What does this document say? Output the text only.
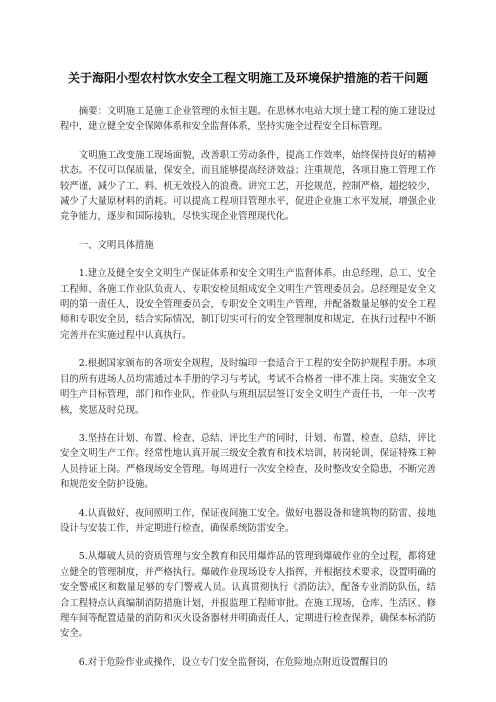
关于海阳小型农村饮水安全工程文明施工及环境保护措施的若干问题

摘要：文明施工是施工企业管理的永恒主题。在思林水电站大坝土建工程的施工建设过程中，建立健全安全保障体系和安全监督体系，坚持实施全过程安全目标管理。

文明施工改变施工现场面貌，改善职工劳动条件，提高工作效率，始终保持良好的精神状态。不仅可以保质量，保安全，而且能够提高经济效益；注重规范，各项目施工管理工作较严谨，减少了工、料、机无效投入的浪费。讲究工艺，开挖规范，控制严格，超挖较少，减少了大量原材料的消耗。可以提高工程项目管理水平，促进企业施工水平发展，增强企业竞争能力，逐步和国际接轨，尽快实现企业管理现代化。

一、文明具体措施

1.建立及健全安全文明生产保证体系和安全文明生产监督体系。由总经理、总工、安全工程师、各施工作业队负责人、专职安检员组成安全文明生产管理委员会。总经理是安全文明的第一责任人，设安全管理委员会，专职安全文明生产管理，并配备数量足够的安全工程师和专职安全员，结合实际情况，制订切实可行的安全管理制度和规定，在执行过程中不断完善并在实施过程中认真执行。

2.根据国家颁布的各项安全规程，及时编印一套适合于工程的安全防护规程手册。本项目的所有进场人员均需通过本手册的学习与考试，考试不合格者一律不准上岗。实施安全文明生产目标管理，部门和作业队，作业队与班组层层签订安全文明生产责任书，一年一次考核，奖惩及时兑现。

3.坚持在计划、布置、检查、总结、评比生产的同时，计划、布置、检查、总结，评比安全文明生产工作。经常性地认真开展三级安全教育和技术培训，转岗轮训，保证特殊工种人员持证上岗。严格现场安全管理。每周进行一次安全检查，及时整改安全隐患，不断完善和规范安全防护设施。

4.认真做好、夜间照明工作，保证夜间施工安全。做好电器设备和建筑物的防雷、接地设计与安装工作，并定期进行检查，确保系统防雷安全。

5.从爆破人员的资质管理与安全教育和民用爆炸品的管理到爆破作业的全过程，都将建立健全的管理制度，并严格执行。爆破作业现场设专人指挥，并根据技术要求，设置明确的安全警戒区和数量足够的专门警戒人员。认真贯彻执行《消防法》，配备专业消防队伍，结合工程特点认真编制消防措施计划，并报监理工程师审批。在施工现场，仓库、生活区、修理车间等配置适量的消防和灭火设备器材并明确责任人，定期进行检查保养，确保本标消防安全。

6.对于危险作业或操作，设立专门安全监督岗，在危险地点附近设置醒目的
